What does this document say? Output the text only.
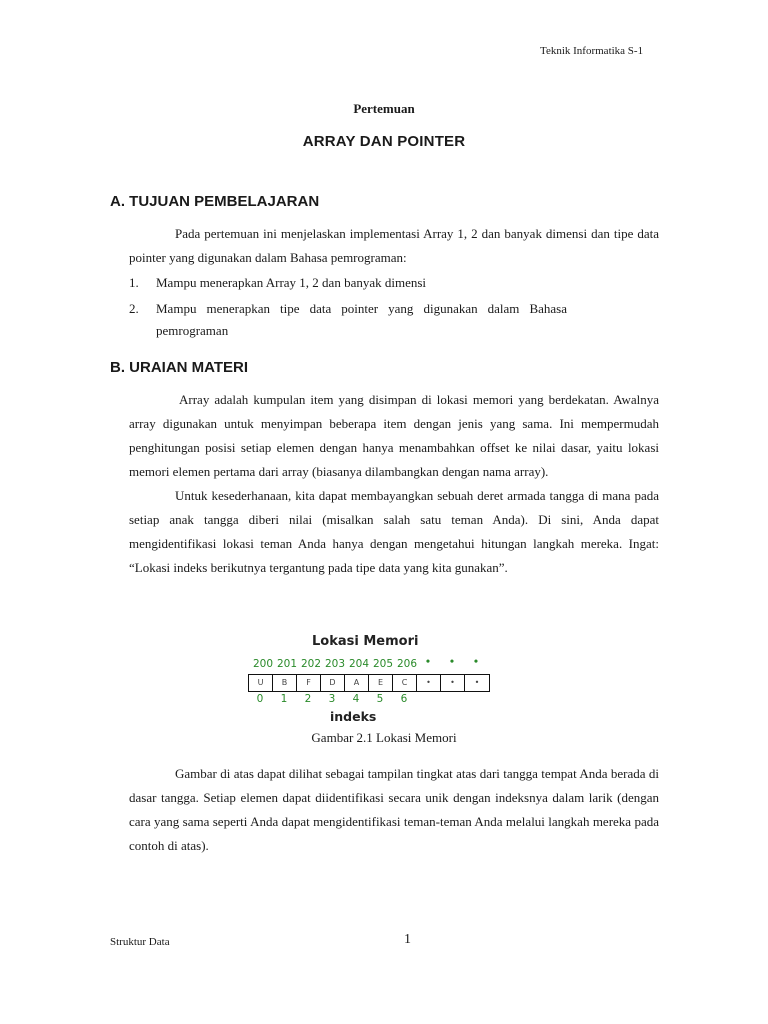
Teknik Informatika S-1
Pertemuan
ARRAY DAN POINTER
A. TUJUAN PEMBELAJARAN

Pada pertemuan ini menjelaskan implementasi Array 1, 2 dan banyak dimensi dan tipe data pointer yang digunakan dalam Bahasa pemrograman:

1.	Mampu menerapkan Array 1, 2 dan banyak dimensi
2.	Mampu menerapkan tipe data pointer yang digunakan dalam Bahasa pemrograman
B. URAIAN MATERI

Array adalah kumpulan item yang disimpan di lokasi memori yang berdekatan. Awalnya array digunakan untuk menyimpan beberapa item dengan jenis yang sama. Ini mempermudah penghitungan posisi setiap elemen dengan hanya menambahkan offset ke nilai dasar, yaitu lokasi memori elemen pertama dari array (biasanya dilambangkan dengan nama array).

Untuk kesederhanaan, kita dapat membayangkan sebuah deret armada tangga di mana pada setiap anak tangga diberi nilai (misalkan salah satu teman Anda). Di sini, Anda dapat mengidentifikasi lokasi teman Anda hanya dengan mengetahui hitungan langkah mereka. Ingat: “Lokasi indeks berikutnya tergantung pada tipe data yang kita gunakan”.

Lokasi Memori
200 201 202 203 204 205 206 •	•	•
U	B	F	D	A	E	C	•	•	•
0	1	2	3	4	5	6
indeks
Gambar 2.1 Lokasi Memori

Gambar di atas dapat dilihat sebagai tampilan tingkat atas dari tangga tempat Anda berada di dasar tangga. Setiap elemen dapat diidentifikasi secara unik dengan indeksnya dalam larik (dengan cara yang sama seperti Anda dapat mengidentifikasi teman-teman Anda melalui langkah mereka pada contoh di atas).

Struktur Data	1
